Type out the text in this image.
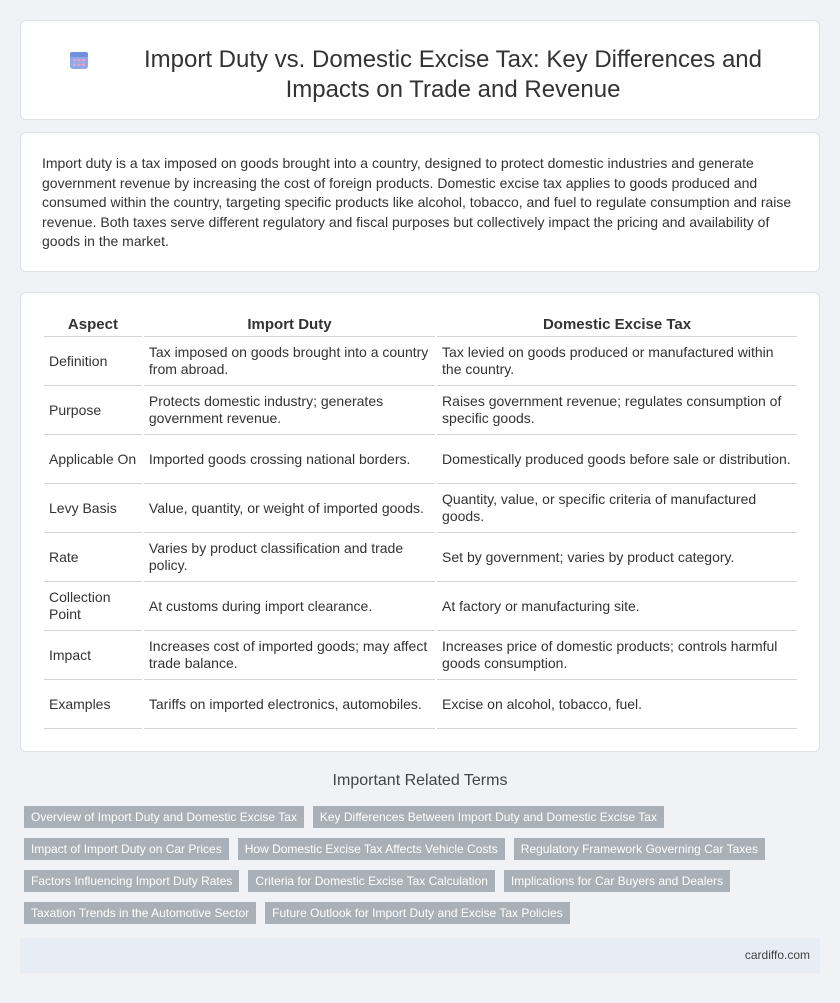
Import Duty vs. Domestic Excise Tax: Key Differences and Impacts on Trade and Revenue

Import duty is a tax imposed on goods brought into a country, designed to protect domestic industries and generate government revenue by increasing the cost of foreign products. Domestic excise tax applies to goods produced and consumed within the country, targeting specific products like alcohol, tobacco, and fuel to regulate consumption and raise revenue. Both taxes serve different regulatory and fiscal purposes but collectively impact the pricing and availability of goods in the market.

Aspect	Import Duty	Domestic Excise Tax
Definition	Tax imposed on goods brought into a country from abroad.	Tax levied on goods produced or manufactured within the country.
Purpose	Protects domestic industry; generates government revenue.	Raises government revenue; regulates consumption of specific goods.
Applicable On	Imported goods crossing national borders.	Domestically produced goods before sale or distribution.
Levy Basis	Value, quantity, or weight of imported goods.	Quantity, value, or specific criteria of manufactured goods.
Rate	Varies by product classification and trade policy.	Set by government; varies by product category.
Collection Point	At customs during import clearance.	At factory or manufacturing site.
Impact	Increases cost of imported goods; may affect trade balance.	Increases price of domestic products; controls harmful goods consumption.
Examples	Tariffs on imported electronics, automobiles.	Excise on alcohol, tobacco, fuel.
Important Related Terms
Overview of Import Duty and Domestic Excise Tax	Key Differences Between Import Duty and Domestic Excise Tax
Impact of Import Duty on Car Prices	How Domestic Excise Tax Affects Vehicle Costs	Regulatory Framework Governing Car Taxes
Factors Influencing Import Duty Rates	Criteria for Domestic Excise Tax Calculation	Implications for Car Buyers and Dealers
Taxation Trends in the Automotive Sector	Future Outlook for Import Duty and Excise Tax Policies
cardiffo.com
